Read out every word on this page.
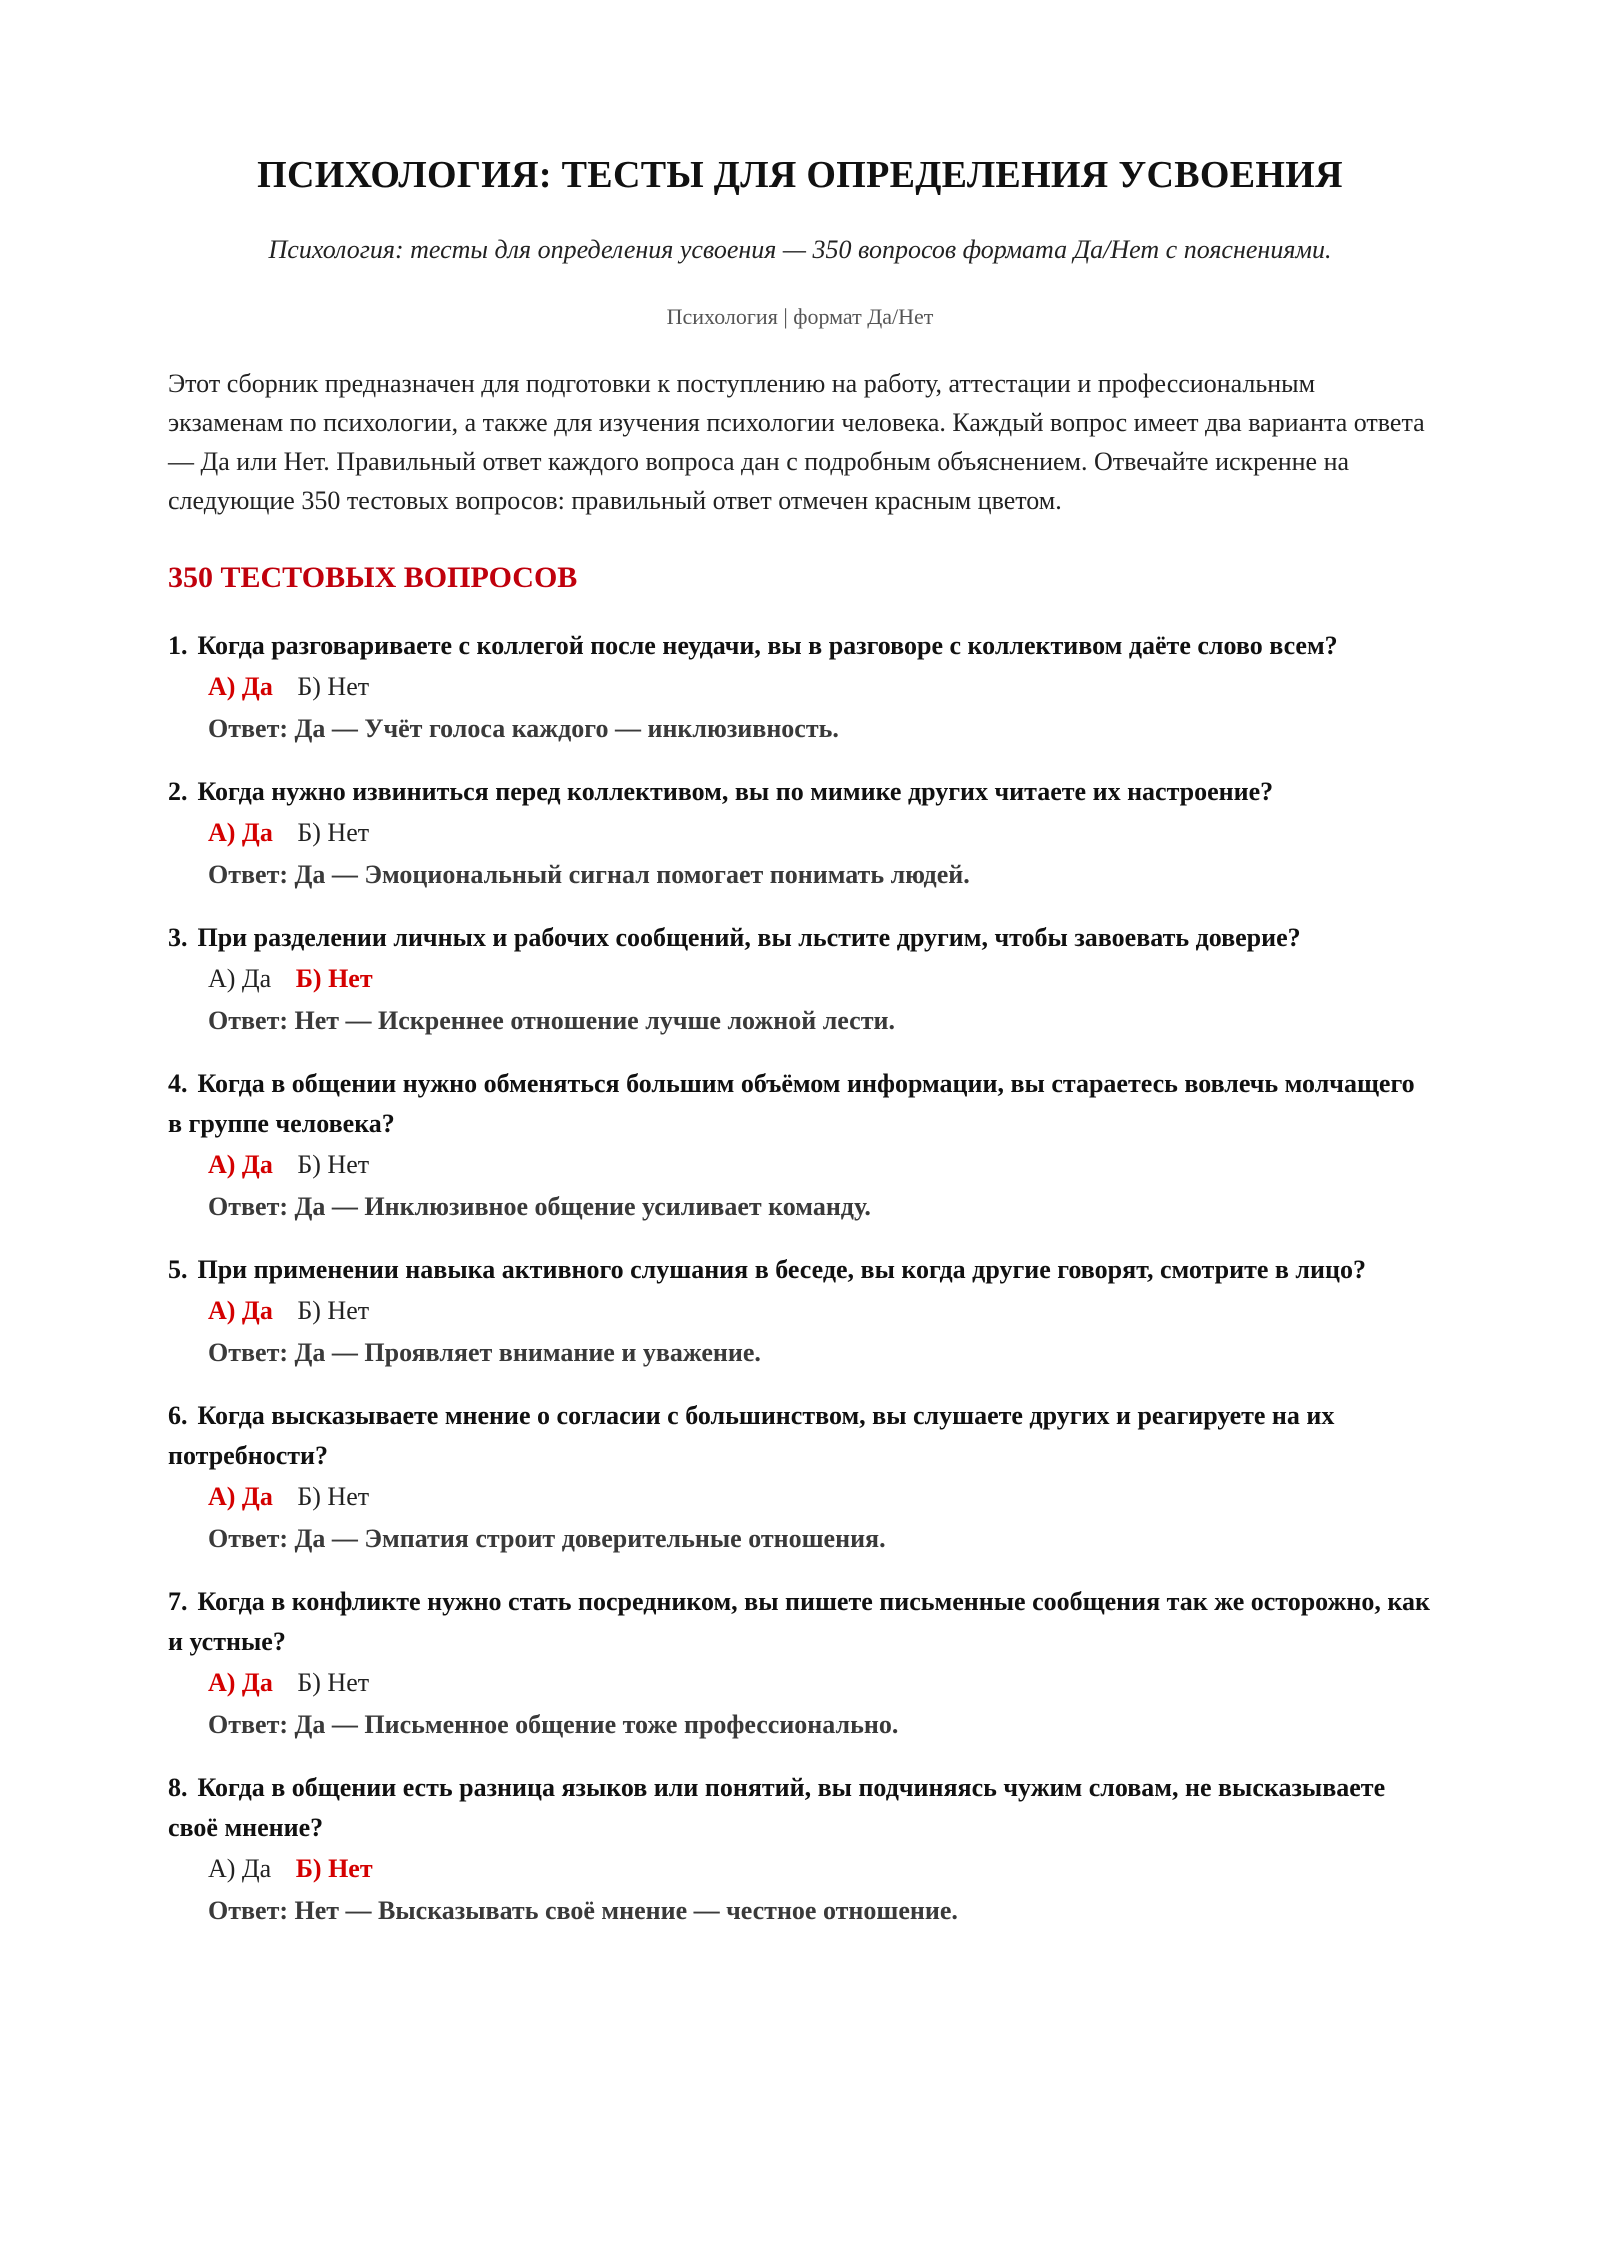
ПСИХОЛОГИЯ: ТЕСТЫ ДЛЯ ОПРЕДЕЛЕНИЯ УСВОЕНИЯ
Психология: тесты для определения усвоения — 350 вопросов формата Да/Нет с пояснениями.
Психология | формат Да/Нет
Этот сборник предназначен для подготовки к поступлению на работу, аттестации и профессиональным экзаменам по психологии, а также для изучения психологии человека. Каждый вопрос имеет два варианта ответа — Да или Нет. Правильный ответ каждого вопроса дан с подробным объяснением. Отвечайте искренне на следующие 350 тестовых вопросов: правильный ответ отмечен красным цветом.
350 ТЕСТОВЫХ ВОПРОСОВ
1. Когда разговариваете с коллегой после неудачи, вы в разговоре с коллективом даёте слово всем?
А) Да Б) Нет
Ответ: Да — Учёт голоса каждого — инклюзивность.
2. Когда нужно извиниться перед коллективом, вы по мимике других читаете их настроение?
А) Да Б) Нет
Ответ: Да — Эмоциональный сигнал помогает понимать людей.
3. При разделении личных и рабочих сообщений, вы льстите другим, чтобы завоевать доверие?
А) Да Б) Нет
Ответ: Нет — Искреннее отношение лучше ложной лести.
4. Когда в общении нужно обменяться большим объёмом информации, вы стараетесь вовлечь молчащего в группе человека?
А) Да Б) Нет
Ответ: Да — Инклюзивное общение усиливает команду.
5. При применении навыка активного слушания в беседе, вы когда другие говорят, смотрите в лицо?
А) Да Б) Нет
Ответ: Да — Проявляет внимание и уважение.
6. Когда высказываете мнение о согласии с большинством, вы слушаете других и реагируете на их потребности?
А) Да Б) Нет
Ответ: Да — Эмпатия строит доверительные отношения.
7. Когда в конфликте нужно стать посредником, вы пишете письменные сообщения так же осторожно, как и устные?
А) Да Б) Нет
Ответ: Да — Письменное общение тоже профессионально.
8. Когда в общении есть разница языков или понятий, вы подчиняясь чужим словам, не высказываете своё мнение?
А) Да Б) Нет
Ответ: Нет — Высказывать своё мнение — честное отношение.
